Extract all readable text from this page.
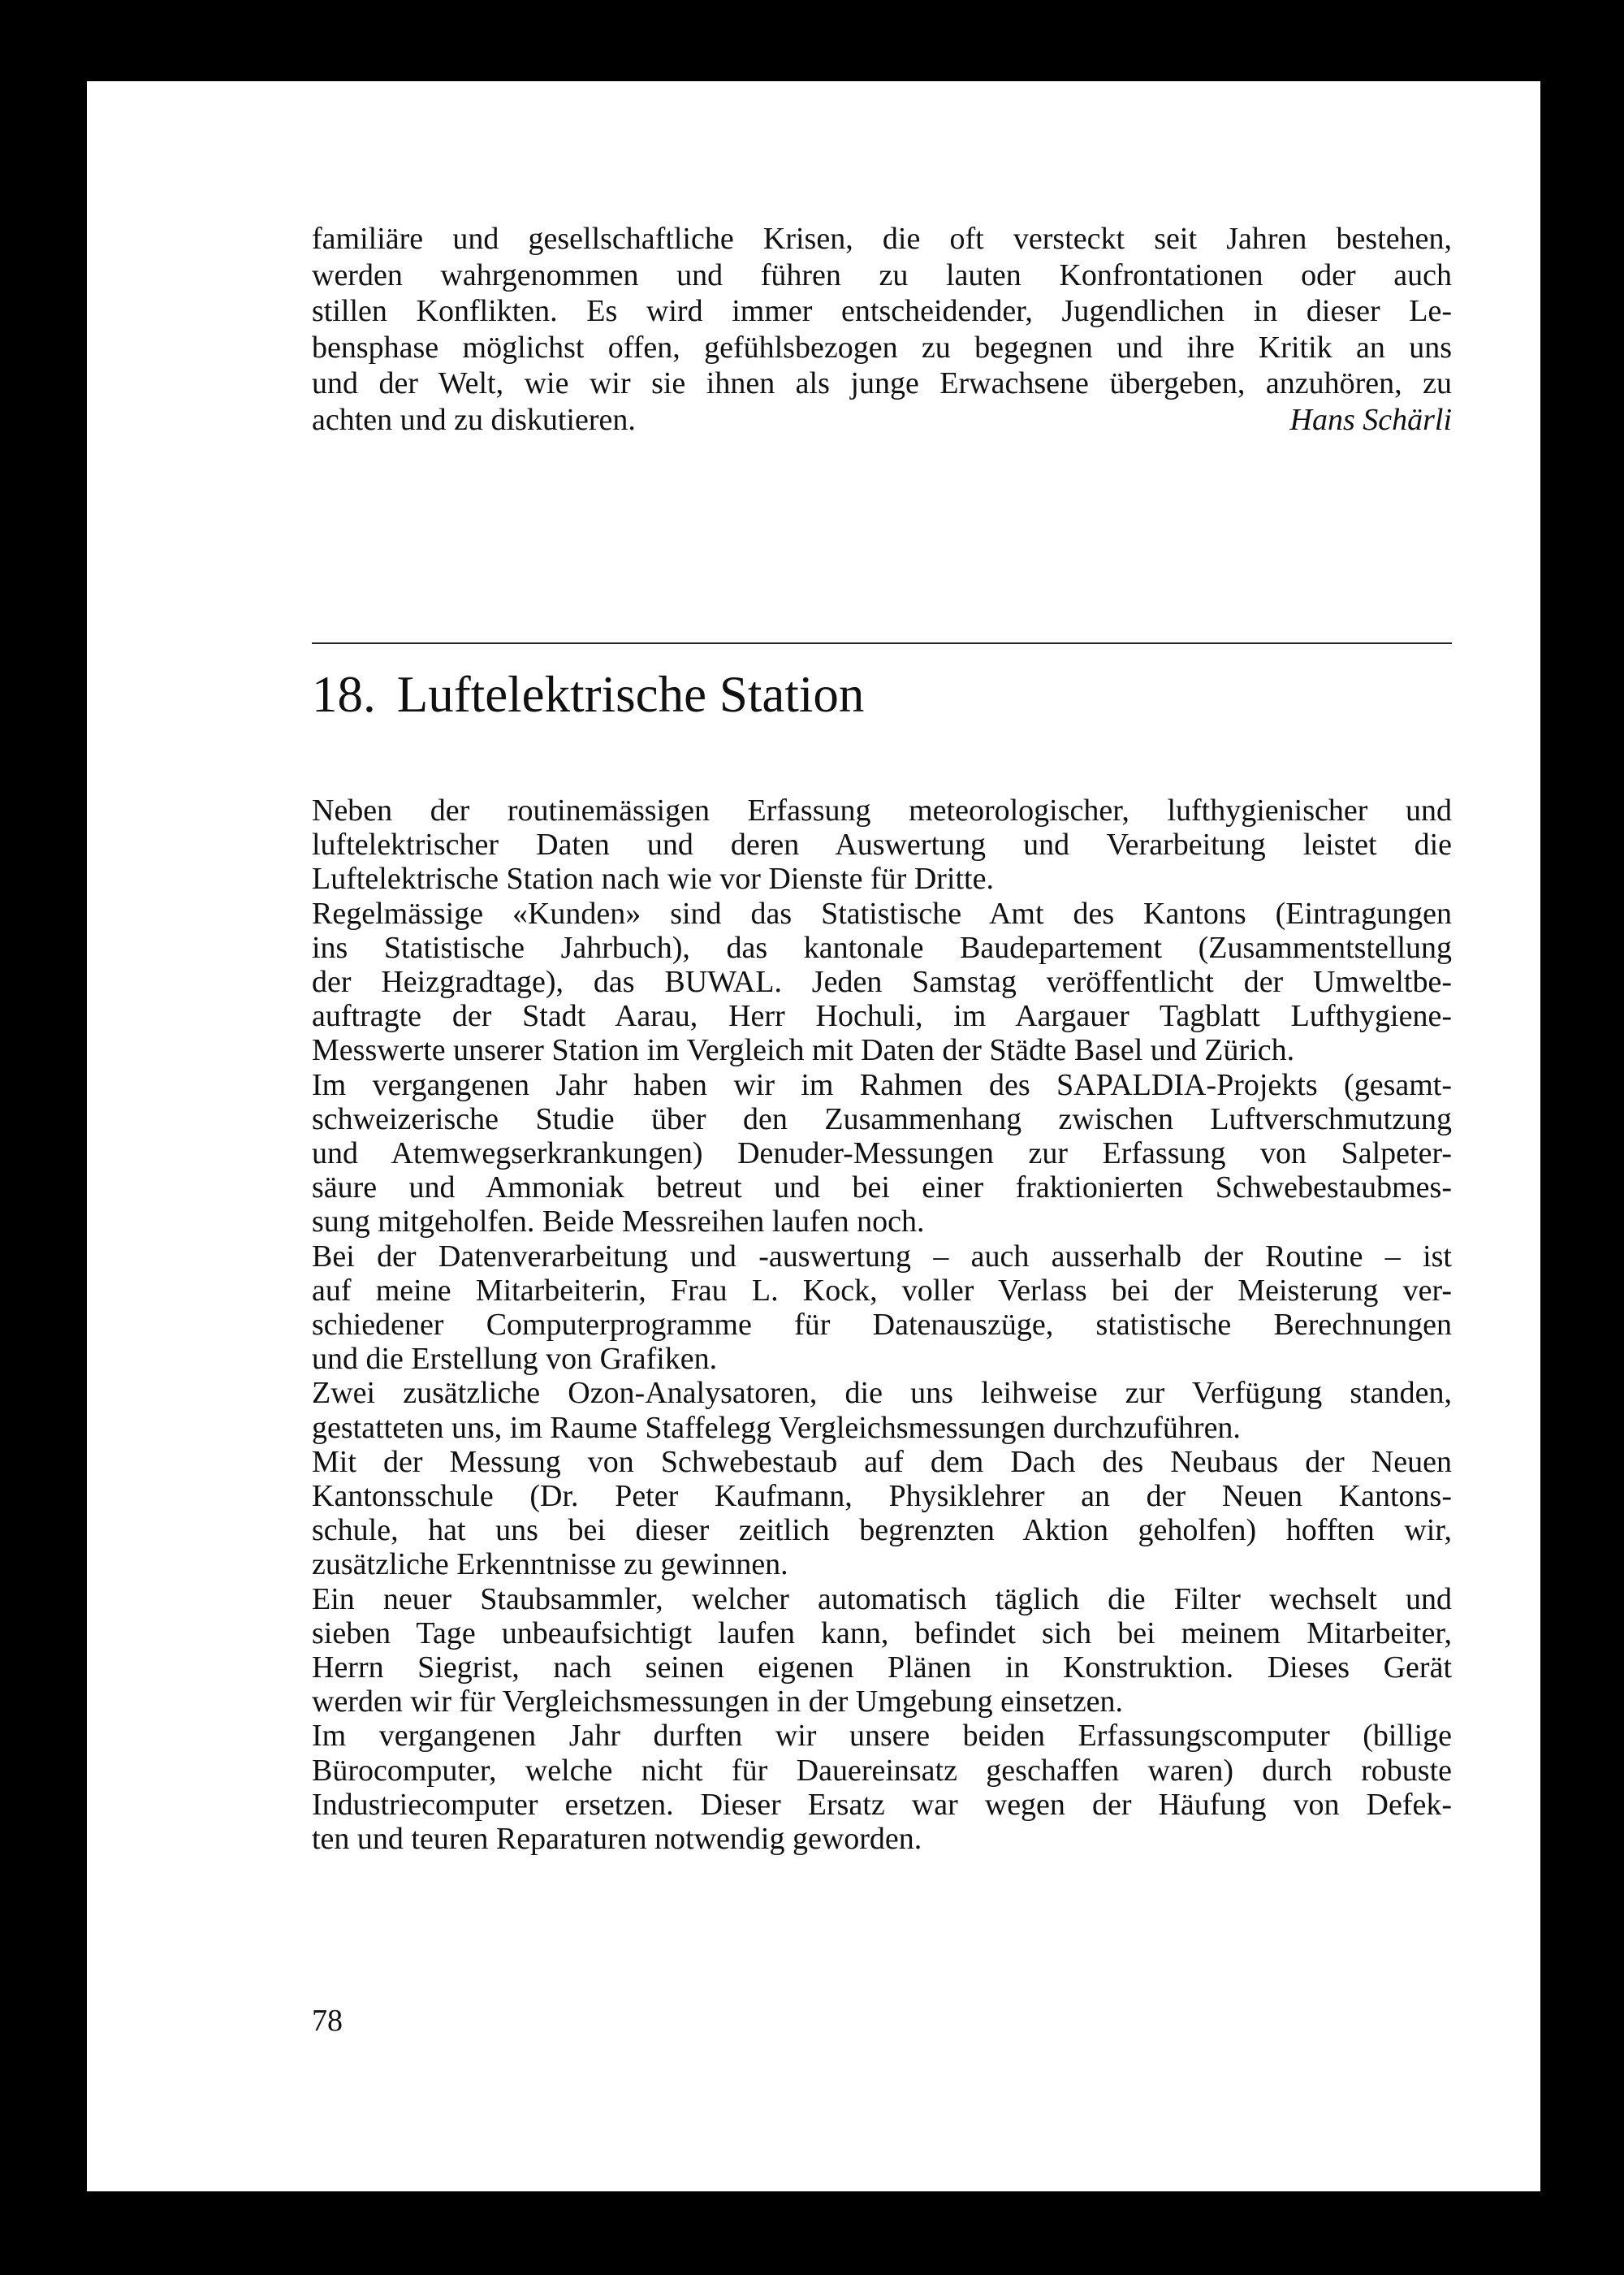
familiäre und gesellschaftliche Krisen, die oft versteckt seit Jahren bestehen,
werden wahrgenommen und führen zu lauten Konfrontationen oder auch
stillen Konflikten. Es wird immer entscheidender, Jugendlichen in dieser Le-
bensphase möglichst offen, gefühlsbezogen zu begegnen und ihre Kritik an uns
und der Welt, wie wir sie ihnen als junge Erwachsene übergeben, anzuhören, zu
achten und zu diskutieren.	Hans Schärli
18. Luftelektrische Station
Neben der routinemässigen Erfassung meteorologischer, lufthygienischer und
luftelektrischer Daten und deren Auswertung und Verarbeitung leistet die
Luftelektrische Station nach wie vor Dienste für Dritte.
Regelmässige «Kunden» sind das Statistische Amt des Kantons (Eintragungen
ins Statistische Jahrbuch), das kantonale Baudepartement (Zusammentstellung
der Heizgradtage), das BUWAL. Jeden Samstag veröffentlicht der Umweltbe-
auftragte der Stadt Aarau, Herr Hochuli, im Aargauer Tagblatt Lufthygiene-
Messwerte unserer Station im Vergleich mit Daten der Städte Basel und Zürich.
Im vergangenen Jahr haben wir im Rahmen des SAPALDIA-Projekts (gesamt-
schweizerische Studie über den Zusammenhang zwischen Luftverschmutzung
und Atemwegserkrankungen) Denuder-Messungen zur Erfassung von Salpeter-
säure und Ammoniak betreut und bei einer fraktionierten Schwebestaubmes-
sung mitgeholfen. Beide Messreihen laufen noch.
Bei der Datenverarbeitung und -auswertung – auch ausserhalb der Routine – ist
auf meine Mitarbeiterin, Frau L. Kock, voller Verlass bei der Meisterung ver-
schiedener Computerprogramme für Datenauszüge, statistische Berechnungen
und die Erstellung von Grafiken.
Zwei zusätzliche Ozon-Analysatoren, die uns leihweise zur Verfügung standen,
gestatteten uns, im Raume Staffelegg Vergleichsmessungen durchzuführen.
Mit der Messung von Schwebestaub auf dem Dach des Neubaus der Neuen
Kantonsschule (Dr. Peter Kaufmann, Physiklehrer an der Neuen Kantons-
schule, hat uns bei dieser zeitlich begrenzten Aktion geholfen) hofften wir,
zusätzliche Erkenntnisse zu gewinnen.
Ein neuer Staubsammler, welcher automatisch täglich die Filter wechselt und
sieben Tage unbeaufsichtigt laufen kann, befindet sich bei meinem Mitarbeiter,
Herrn Siegrist, nach seinen eigenen Plänen in Konstruktion. Dieses Gerät
werden wir für Vergleichsmessungen in der Umgebung einsetzen.
Im vergangenen Jahr durften wir unsere beiden Erfassungscomputer (billige
Bürocomputer, welche nicht für Dauereinsatz geschaffen waren) durch robuste
Industriecomputer ersetzen. Dieser Ersatz war wegen der Häufung von Defek-
ten und teuren Reparaturen notwendig geworden.
78
